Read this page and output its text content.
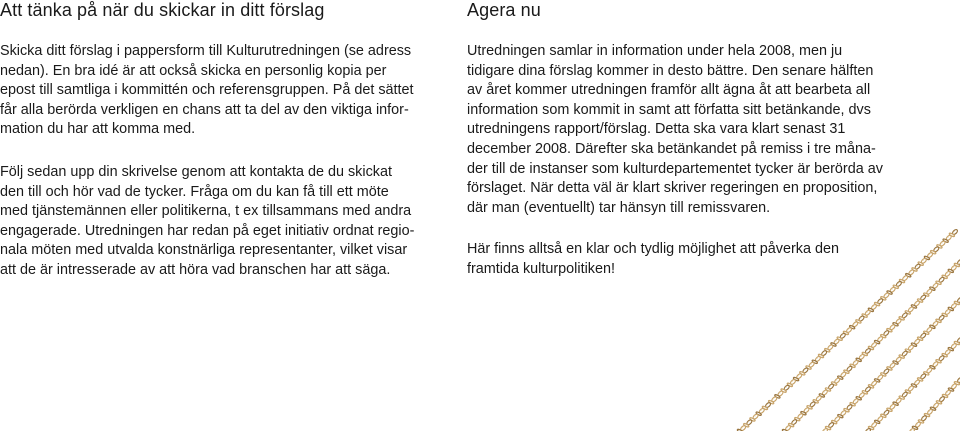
Att tänka på när du skickar in ditt förslag

Skicka ditt förslag i pappersform till Kulturutredningen (se adress
nedan). En bra idé är att också skicka en personlig kopia per
epost till samtliga i kommittén och referensgruppen. På det sättet
får alla berörda verkligen en chans att ta del av den viktiga infor-
mation du har att komma med.

Följ sedan upp din skrivelse genom att kontakta de du skickat
den till och hör vad de tycker. Fråga om du kan få till ett möte
med tjänstemännen eller politikerna, t ex tillsammans med andra
engagerade. Utredningen har redan på eget initiativ ordnat regio-
nala möten med utvalda konstnärliga representanter, vilket visar
att de är intresserade av att höra vad branschen har att säga.

Agera nu

Utredningen samlar in information under hela 2008, men ju
tidigare dina förslag kommer in desto bättre. Den senare hälften
av året kommer utredningen framför allt ägna åt att bearbeta all
information som kommit in samt att författa sitt betänkande, dvs
utredningens rapport/förslag. Detta ska vara klart senast 31
december 2008. Därefter ska betänkandet på remiss i tre måna-
der till de instanser som kulturdepartementet tycker är berörda av
förslaget. När detta väl är klart skriver regeringen en proposition,
där man (eventuellt) tar hänsyn till remissvaren.

Här finns alltså en klar och tydlig möjlighet att påverka den
framtida kulturpolitiken!
